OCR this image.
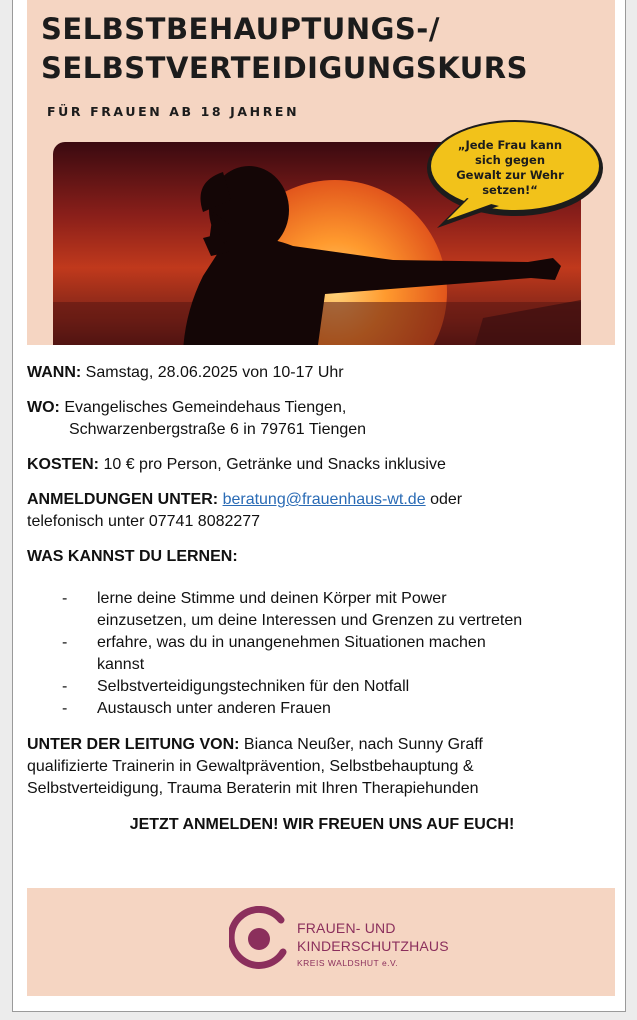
SELBSTBEHAUPTUNGS-/
SELBSTVERTEIDIGUNGSKURS
FÜR FRAUEN AB 18 JAHREN
„Jede Frau kann
sich gegen
Gewalt zur Wehr
setzen!“
WANN: Samstag, 28.06.2025 von 10-17 Uhr
WO: Evangelisches Gemeindehaus Tiengen,
Schwarzenbergstraße 6 in 79761 Tiengen
KOSTEN: 10 € pro Person, Getränke und Snacks inklusive
ANMELDUNGEN UNTER: beratung@frauenhaus-wt.de oder
telefonisch unter 07741 8082277
WAS KANNST DU LERNEN:
- lerne deine Stimme und deinen Körper mit Power
einzusetzen, um deine Interessen und Grenzen zu vertreten
- erfahre, was du in unangenehmen Situationen machen
kannst
- Selbstverteidigungstechniken für den Notfall
- Austausch unter anderen Frauen
UNTER DER LEITUNG VON: Bianca Neußer, nach Sunny Graff
qualifizierte Trainerin in Gewaltprävention, Selbstbehauptung &
Selbstverteidigung, Trauma Beraterin mit Ihren Therapiehunden
JETZT ANMELDEN! WIR FREUEN UNS AUF EUCH!
FRAUEN- UND
KINDERSCHUTZHAUS
KREIS WALDSHUT e.V.
